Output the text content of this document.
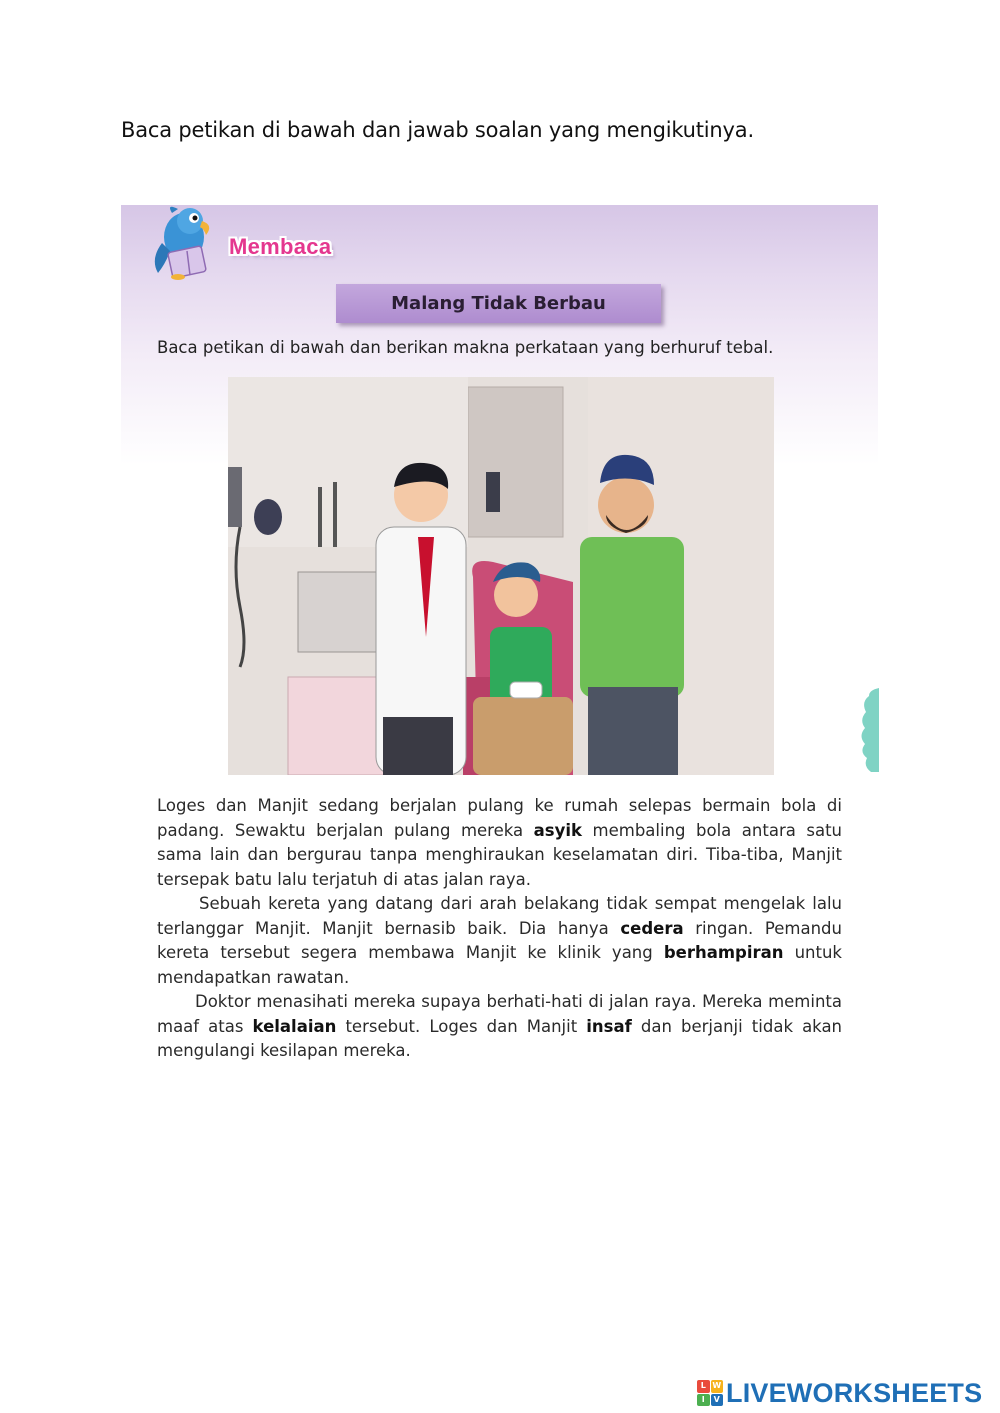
Baca petikan di bawah dan jawab soalan yang mengikutinya.
Membaca
Malang Tidak Berbau
Baca petikan di bawah dan berikan makna perkataan yang berhuruf tebal.

Loges dan Manjit sedang berjalan pulang ke rumah selepas bermain bola di padang. Sewaktu berjalan pulang mereka asyik membaling bola antara satu sama lain dan bergurau tanpa menghiraukan keselamatan diri. Tiba-tiba, Manjit tersepak batu lalu terjatuh di atas jalan raya.

Sebuah kereta yang datang dari arah belakang tidak sempat mengelak lalu terlanggar Manjit. Manjit bernasib baik. Dia hanya cedera ringan. Pemandu kereta tersebut segera membawa Manjit ke klinik yang berhampiran untuk mendapatkan rawatan.

Doktor menasihati mereka supaya berhati-hati di jalan raya. Mereka meminta maaf atas kelalaian tersebut. Loges dan Manjit insaf dan berjanji tidak akan mengulangi kesilapan mereka.

L W
I	V LIVEWORKSHEETS
